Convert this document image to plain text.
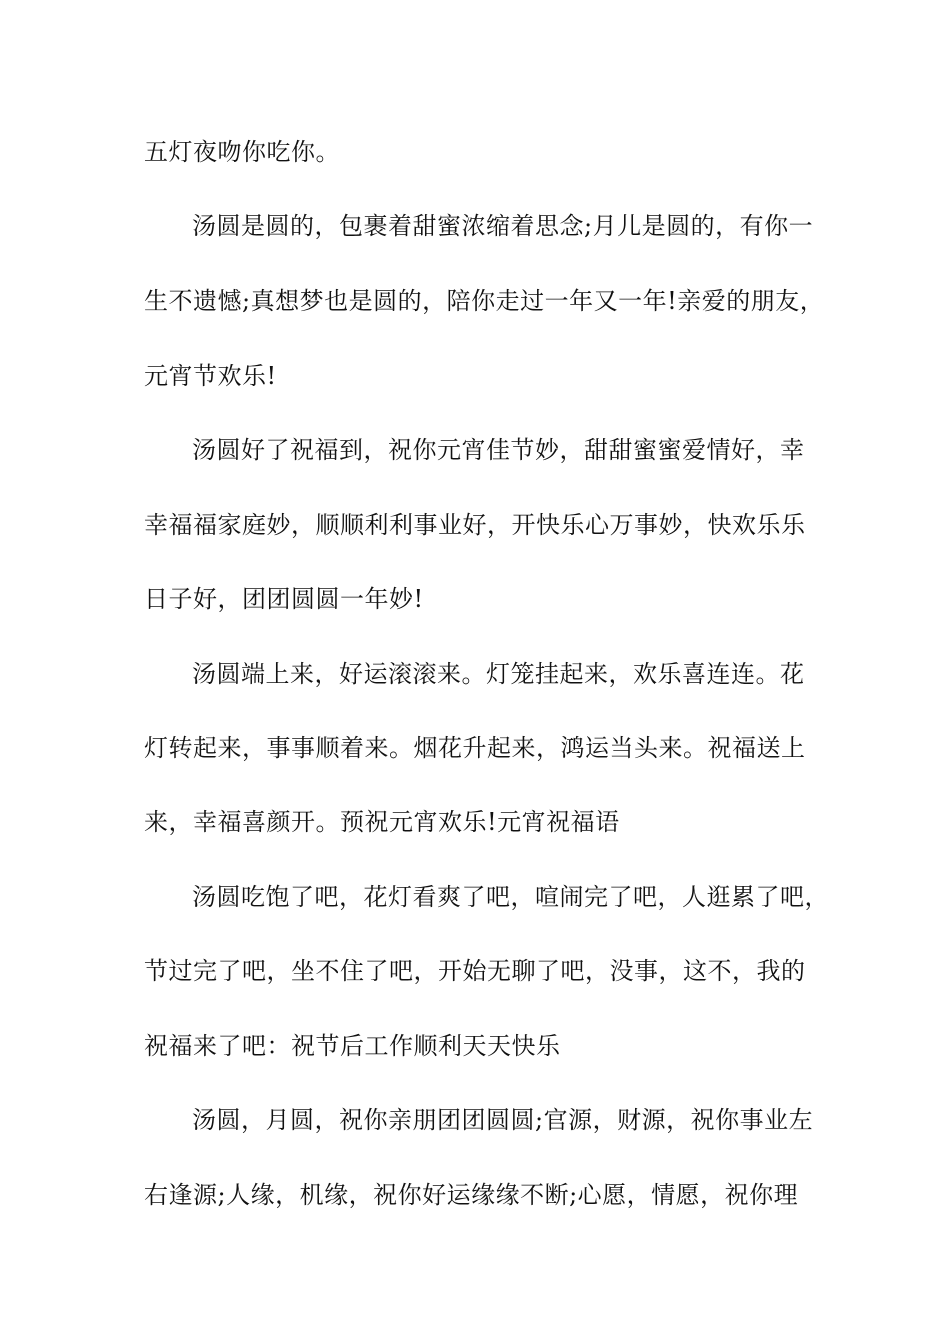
五灯夜吻你吃你。
汤圆是圆的，包裹着甜蜜浓缩着思念;月儿是圆的，有你一
生不遗憾;真想梦也是圆的，陪你走过一年又一年!亲爱的朋友，
元宵节欢乐!
汤圆好了祝福到，祝你元宵佳节妙，甜甜蜜蜜爱情好，幸
幸福福家庭妙，顺顺利利事业好，开快乐心万事妙，快欢乐乐
日子好，团团圆圆一年妙!
汤圆端上来，好运滚滚来。灯笼挂起来，欢乐喜连连。花
灯转起来，事事顺着来。烟花升起来，鸿运当头来。祝福送上
来，幸福喜颜开。预祝元宵欢乐!元宵祝福语
汤圆吃饱了吧，花灯看爽了吧，喧闹完了吧，人逛累了吧，
节过完了吧，坐不住了吧，开始无聊了吧，没事，这不，我的
祝福来了吧：祝节后工作顺利天天快乐
汤圆，月圆，祝你亲朋团团圆圆;官源，财源，祝你事业左
右逢源;人缘，机缘，祝你好运缘缘不断;心愿，情愿，祝你理
